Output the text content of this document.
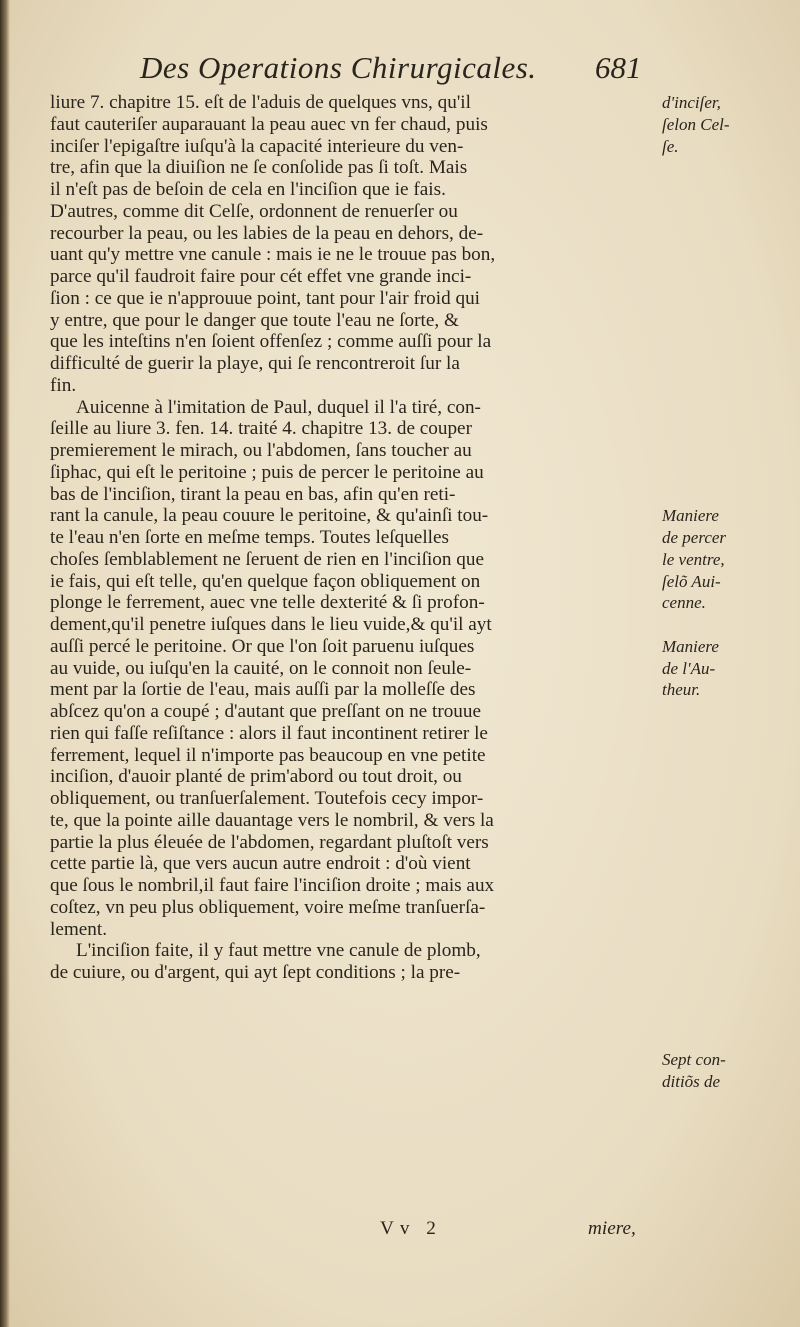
Des Operations Chirurgicales. 681
liure 7. chapitre 15. eſt de l'aduis de quelques vns, qu'il
faut cauteriſer auparauant la peau auec vn fer chaud, puis
inciſer l'epigaſtre iuſqu'à la capacité interieure du ven-
tre, afin que la diuiſion ne ſe conſolide pas ſi toſt. Mais
il n'eſt pas de beſoin de cela en l'inciſion que ie fais.
D'autres, comme dit Celſe, ordonnent de renuerſer ou
recourber la peau, ou les labies de la peau en dehors, de-
uant qu'y mettre vne canule : mais ie ne le trouue pas bon,
parce qu'il faudroit faire pour cét effet vne grande inci-
ſion : ce que ie n'approuue point, tant pour l'air froid qui
y entre, que pour le danger que toute l'eau ne ſorte, &
que les inteſtins n'en ſoient offenſez ; comme auſſi pour la
difficulté de guerir la playe, qui ſe rencontreroit ſur la
fin.
Auicenne à l'imitation de Paul, duquel il l'a tiré, con-
ſeille au liure 3. fen. 14. traité 4. chapitre 13. de couper
premierement le mirach, ou l'abdomen, ſans toucher au
ſiphac, qui eſt le peritoine ; puis de percer le peritoine au
bas de l'inciſion, tirant la peau en bas, afin qu'en reti-
rant la canule, la peau couure le peritoine, & qu'ainſi tou-
te l'eau n'en ſorte en meſme temps. Toutes leſquelles
choſes ſemblablement ne ſeruent de rien en l'inciſion que
ie fais, qui eſt telle, qu'en quelque façon obliquement on
plonge le ferrement, auec vne telle dexterité & ſi profon-
dement,qu'il penetre iuſques dans le lieu vuide,& qu'il ayt
auſſi percé le peritoine. Or que l'on ſoit paruenu iuſques
au vuide, ou iuſqu'en la cauité, on le connoit non ſeule-
ment par la ſortie de l'eau, mais auſſi par la molleſſe des
abſcez qu'on a coupé ; d'autant que preſſant on ne trouue
rien qui faſſe reſiſtance : alors il faut incontinent retirer le
ferrement, lequel il n'importe pas beaucoup en vne petite
inciſion, d'auoir planté de prim'abord ou tout droit, ou
obliquement, ou tranſuerſalement. Toutefois cecy impor-
te, que la pointe aille dauantage vers le nombril, & vers la
partie la plus éleuée de l'abdomen, regardant pluſtoſt vers
cette partie là, que vers aucun autre endroit : d'où vient
que ſous le nombril,il faut faire l'inciſion droite ; mais aux
coſtez, vn peu plus obliquement, voire meſme tranſuerſa-
lement.
L'inciſion faite, il y faut mettre vne canule de plomb,
de cuiure, ou d'argent, qui ayt ſept conditions ; la pre-
d'inciſer,
ſelon Cel-
ſe.
Maniere
de percer
le ventre,
ſelõ Aui-
cenne.
Maniere
de l'Au-
theur.
Sept con-
ditiõs de
Vv 2	miere,
